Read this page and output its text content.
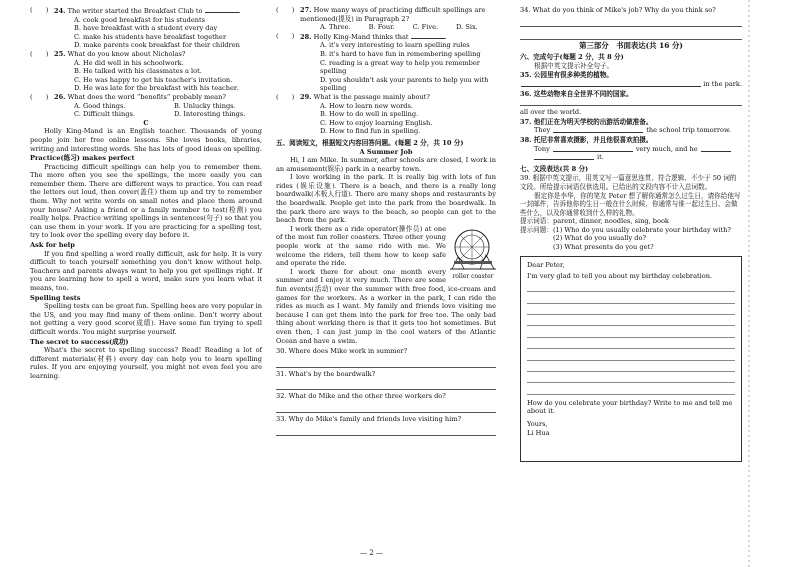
(　　) 24. The writer started the Breakfast Club to	.
A. cook good breakfast for his students
B. have breakfast with a student every day
C. make his students have breakfast together
D. make parents cook breakfast for their children
(　　) 25. What do you know about Nicholas?
A. He did well in his schoolwork.
B. He talked with his classmates a lot.
C. He was happy to get his teacher's invitation.
D. He was late for the breakfast with his teacher.
(　　) 26. What does the word “benefits” probably mean?
A. Good things.	B. Unlucky things.
C. Difficult things.	D. Interesting things.
C

Holly King-Mand is an English teacher. Thousands of young people join her free online lessons. She loves books, libraries, writing and interesting words. She has lots of good ideas on spelling.

Practice(练习) makes perfect

Practicing difficult spellings can help you to remember them. The more often you see the spellings, the more easily you can remember them. There are different ways to practice. You can read the letters out loud, then cover(盖住) them up and try to remember them. Why not write words on small notes and place them around your house? Asking a friend or a family member to test(检测) you really helps. Practice writing spellings in sentences(句子) so that you can use them in your work. If you are practicing for a spelling test, try to look over the spelling every day before it.

Ask for help

If you find spelling a word really difficult, ask for help. It is very difficult to teach yourself something you don't know without help. Teachers and parents always want to help you get spellings right. If you are learning how to spell a word, make sure you learn what it means, too.

Spelling tests

Spelling tests can be great fun. Spelling bees are very popular in the US, and you may find many of them online. Don't worry about not getting a very good score(成绩). Have some fun trying to spell difficult words. You might surprise yourself.

The secret to success(成功)

What's the secret to spelling success? Read! Reading a lot of different materials(材料) every day can help you to learn spelling rules. If you are enjoying yourself, you might not even feel you are learning.

(　　) 27. How many ways of practicing difficult spellings are mentioned(提及) in Paragraph 2?
A. Three.	B. Four.	C. Five.	D. Six.
(　　) 28. Holly King-Mand thinks that	.
A. it's very interesting to learn spelling rules
B. it's hard to have fun in remembering spelling
C. reading is a great way to help you remember spelling
D. you shouldn't ask your parents to help you with spelling
(　　) 29. What is the passage mainly about?
A. How to learn new words.
B. How to do well in spelling.
C. How to enjoy learning English.
D. How to find fun in spelling.
五、阅读短文，根据短文内容回答问题。(每题 2 分，共 10 分)
A Summer Job

Hi, I am Mike. In summer, after schools are closed, I work in an amusement(娱乐) park in a nearby town.

I love working in the park. It is really big with lots of fun rides (娱乐设施). There is a beach, and there is a really long boardwalk(木板人行道). There are many shops and restaurants by the boardwalk. People get into the park from the boardwalk. In the park there are ways to the beach, so people can get to the beach from the park.

roller coaster

I work there as a ride operator(操作员) at one of the most fun roller coasters. Three other young people work at the same ride with me. We welcome the riders, tell them how to keep safe and operate the ride.

I work there for about one month every summer and I enjoy it very much. There are some fun events(活动) over the summer with free food, ice-cream and games for the workers. As a worker in the park, I can ride the rides as much as I want. My family and friends love visiting me because I can get them into the park for free too. The only bad thing about working there is that it gets too hot sometimes. But even then, I can just jump in the cool waters of the Atlantic Ocean and have a swim.

30. Where does Mike work in summer?
31. What's by the boardwalk?
32. What do Mike and the other three workers do?
33. Why do Mike's family and friends love visiting him?
34. What do you think of Mike's job? Why do you think so?
第三部分　书面表达(共 16 分)
六、完成句子(每题 2 分，共 8 分)
根据中英文提示补全句子。
35. 公园里有很多种类的植物。
in the park.
36. 这些动物来自全世界不同的国家。
all over the world.
37. 他们正在为明天学校的出游活动做准备。
They	the school trip tomorrow.
38. 托尼非常喜欢摄影，并且他很喜欢拍摄。
Tony	very much, and he
it.
七、文段表达(共 8 分)
39. 根据中英文提示，用英文写一篇意思连贯、符合逻辑、不少于 50 词的文段。所给提示词语仅供选用。已给出的文段内容不计入总词数。
假定你是李华，你的笔友 Peter 想了解你通常怎么过生日，请你给他写一封邮件，告诉他你的生日一般在什么时候、你通常与谁一起过生日、会做些什么，以及你通常收到什么样的礼物。
提示词语：parent, dinner, noodles, sing, book
提示问题： (1) Who do you usually celebrate your birthday with?
(2) What do you usually do?
(3) What presents do you get?
Dear Peter,
I'm very glad to tell you about my birthday celebration.
How do you celebrate your birthday? Write to me and tell me about it.
Yours,
Li Hua
— 2 —
